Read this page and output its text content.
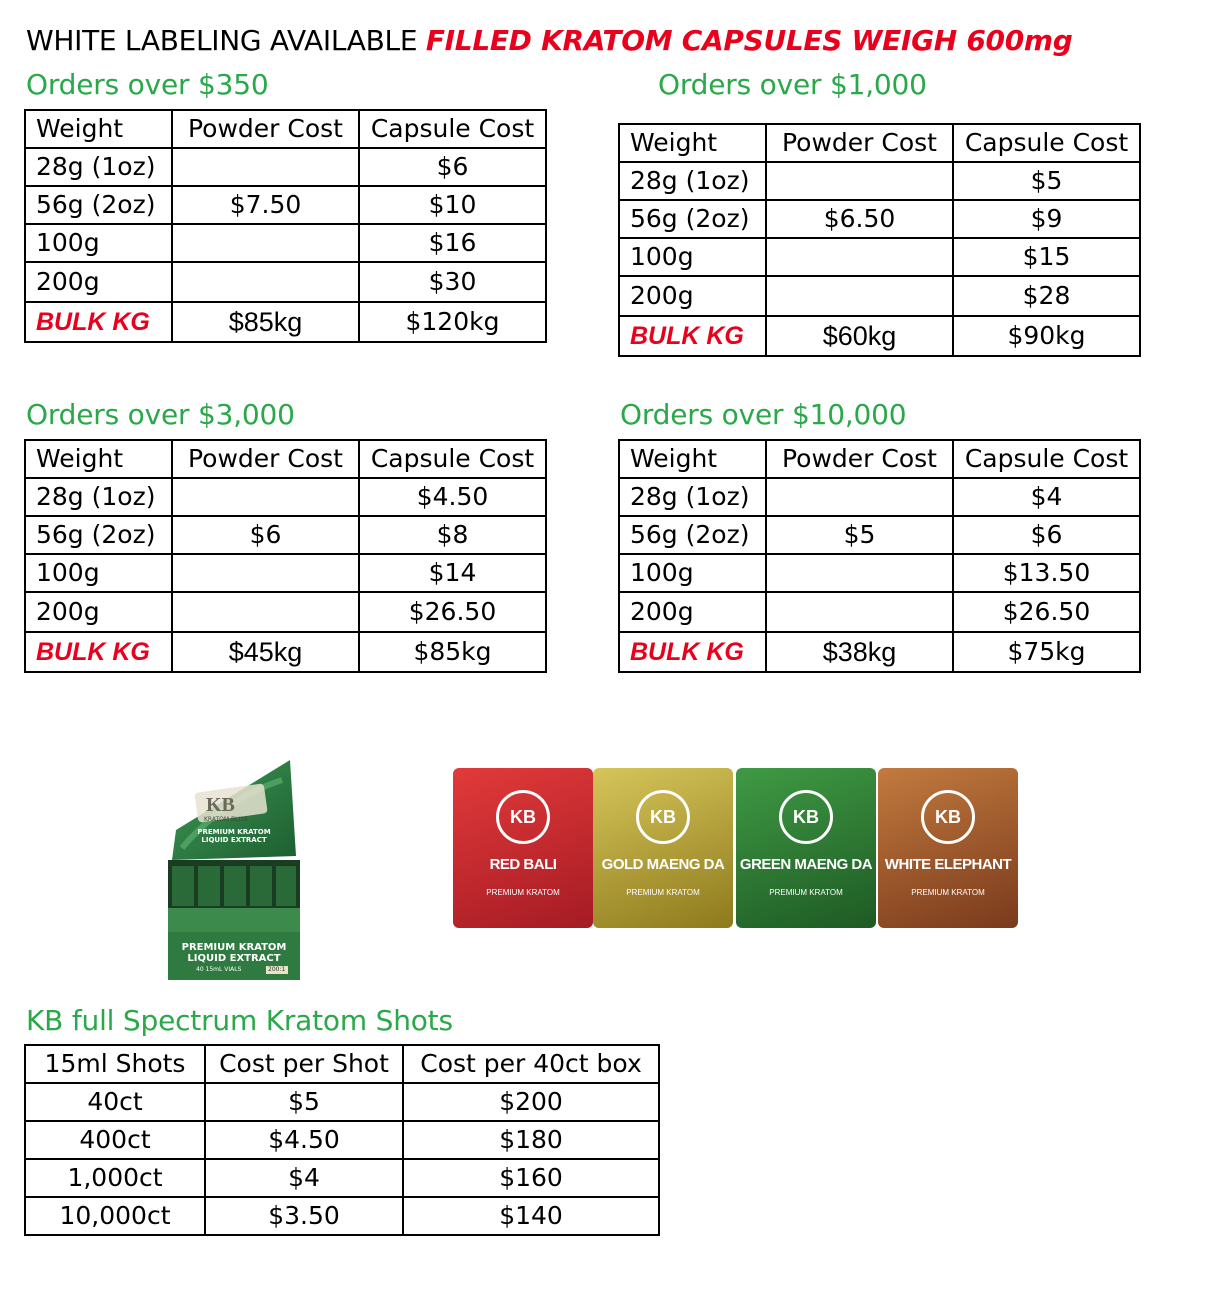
WHITE LABELING AVAILABLE FILLED KRATOM CAPSULES WEIGH 600mg
Orders over $350
Weight	Powder Cost	Capsule Cost
28g (1oz)		$6
56g (2oz)	$7.50	$10
100g		$16
200g		$30
BULK KG	$85kg	$120kg
Orders over $1,000
Weight	Powder Cost	Capsule Cost
28g (1oz)		$5
56g (2oz)	$6.50	$9
100g		$15
200g		$28
BULK KG	$60kg	$90kg
Orders over $3,000
Weight	Powder Cost	Capsule Cost
28g (1oz)		$4.50
56g (2oz)	$6	$8
100g		$14
200g		$26.50
BULK KG	$45kg	$85kg
Orders over $10,000
Weight	Powder Cost	Capsule Cost
28g (1oz)		$4
56g (2oz)	$5	$6
100g		$13.50
200g		$26.50
BULK KG	$38kg	$75kg
KB
KRATOM BLISS
PREMIUM KRATOM LIQUID EXTRACT
PREMIUM KRATOM LIQUID EXTRACT
40 15mL VIALS	200:1
KB
RED BALI
PREMIUM KRATOM
KB
GOLD MAENG DA
PREMIUM KRATOM
KB
GREEN MAENG DA
PREMIUM KRATOM
KB
WHITE ELEPHANT
PREMIUM KRATOM
KB full Spectrum Kratom Shots
15ml Shots	Cost per Shot	Cost per 40ct box
40ct	$5	$200
400ct	$4.50	$180
1,000ct	$4	$160
10,000ct	$3.50	$140
